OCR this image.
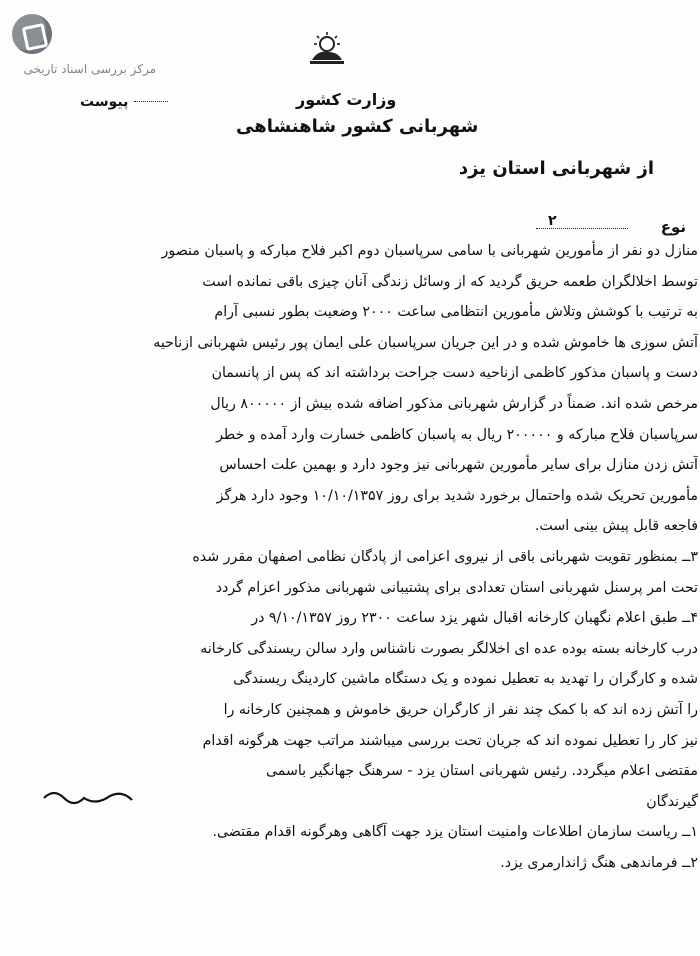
مرکز بررسی اسناد تاریخی
پیوست	وزارت کشور
شهربانی کشور شاهنشاهی
از شهربانی استان یزد
نوع
۲
منازل دو نفر از مأمورین شهربانی با سامی سرپاسبان دوم اکبر فلاح مبارکه و پاسبان منصور
توسط اخلالگران طعمه حریق گردید که از وسائل زندگی آنان چیزی باقی نمانده است
به ترتیب با کوشش وتلاش مأمورین انتظامی ساعت ۲۰۰۰ وضعیت بطور نسبی آرام
آتش سوزی ها خاموش شده و در این جریان سرپاسبان علی ایمان پور رئیس شهربانی ازناحیه
دست و پاسبان مذکور کاظمی ازناحیه دست جراحت برداشته اند که پس از پانسمان
مرخص شده اند. ضمناً در گزارش شهربانی مذکور اضافه شده بیش از ۸۰۰۰۰۰ ریال
سرپاسبان فلاح مبارکه و ۲۰۰۰۰۰ ریال به پاسبان کاظمی خسارت وارد آمده و خطر
آتش زدن منازل برای سایر مأمورین شهربانی نیز وجود دارد و بهمین علت احساس
مأمورین تحریک شده واحتمال برخورد شدید برای روز ۱۰/۱۰/۱۳۵۷ وجود دارد هرگز
فاجعه قابل پیش بینی است.
۳ــ بمنظور تقویت شهربانی باقی از نیروی اعزامی از پادگان نظامی اصفهان مقرر شده
تحت امر پرسنل شهربانی استان تعدادی برای پشتیبانی شهربانی مذکور اعزام گردد
۴ــ طبق اعلام نگهبان کارخانه اقبال شهر یزد ساعت ۲۳۰۰ روز ۹/۱۰/۱۳۵۷ در
درب کارخانه بسته بوده عده ای اخلالگر بصورت ناشناس وارد سالن ریسندگی کارخانه
شده و کارگران را تهدید به تعطیل نموده و یک دستگاه ماشین کاردینگ ریسندگی
را آتش زده اند که با کمک چند نفر از کارگران حریق خاموش و همچنین کارخانه را
نیز کار را تعطیل نموده اند که جریان تحت بررسی میباشند مراتب جهت هرگونه اقدام
مقتضی اعلام میگردد. رئیس شهربانی استان یزد - سرهنگ جهانگیر باسمی
گیرندگان
۱ــ ریاست سازمان اطلاعات وامنیت استان یزد جهت آگاهی وهرگونه اقدام مقتضی.
۲ــ فرماندهی هنگ ژاندارمری یزد.
